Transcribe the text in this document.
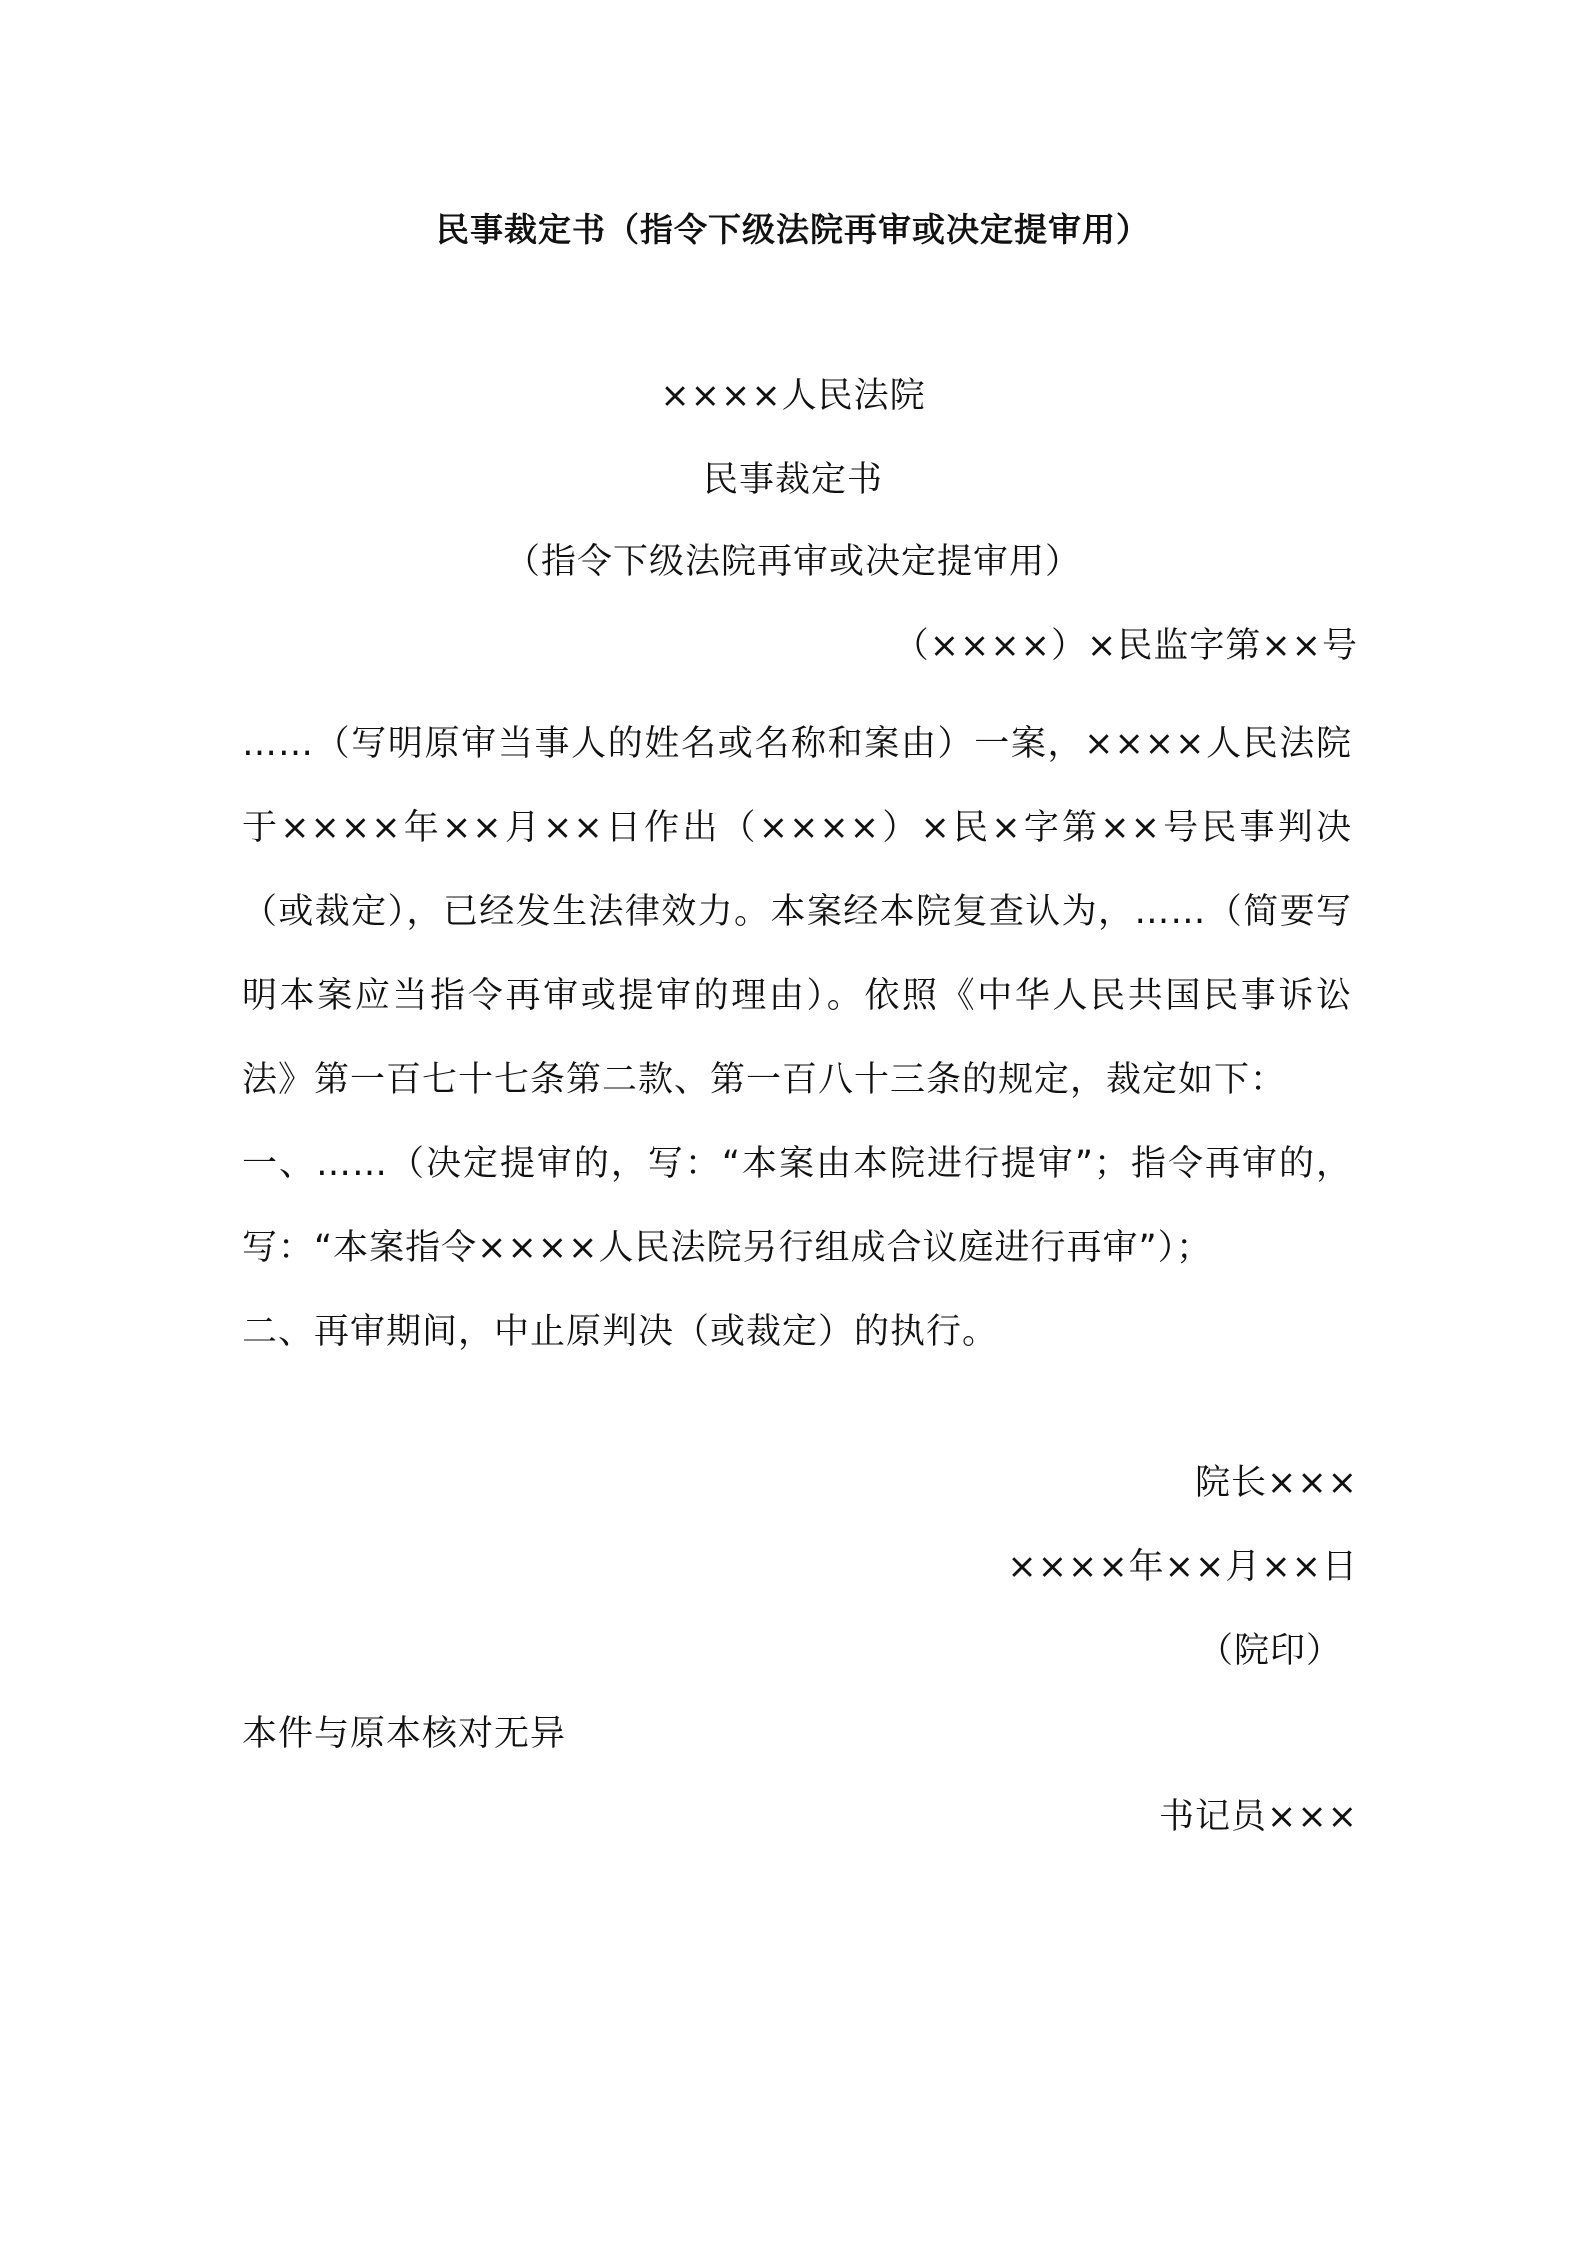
民事裁定书（指令下级法院再审或决定提审用）
××××人民法院
民事裁定书
（指令下级法院再审或决定提审用）
（××××）×民监字第××号

……（写明原审当事人的姓名或名称和案由）一案，××××人民法院于××××年××月××日作出（××××）×民×字第××号民事判决（或裁定），已经发生法律效力。本案经本院复查认为，……（简要写明本案应当指令再审或提审的理由）。依照《中华人民共国民事诉讼法》第一百七十七条第二款、第一百八十三条的规定，裁定如下：

一、……（决定提审的，写：“本案由本院进行提审”；指令再审的，写：“本案指令××××人民法院另行组成合议庭进行再审”）；

二、再审期间，中止原判决（或裁定）的执行。

院长×××
××××年××月××日
（院印）
本件与原本核对无异
书记员×××
